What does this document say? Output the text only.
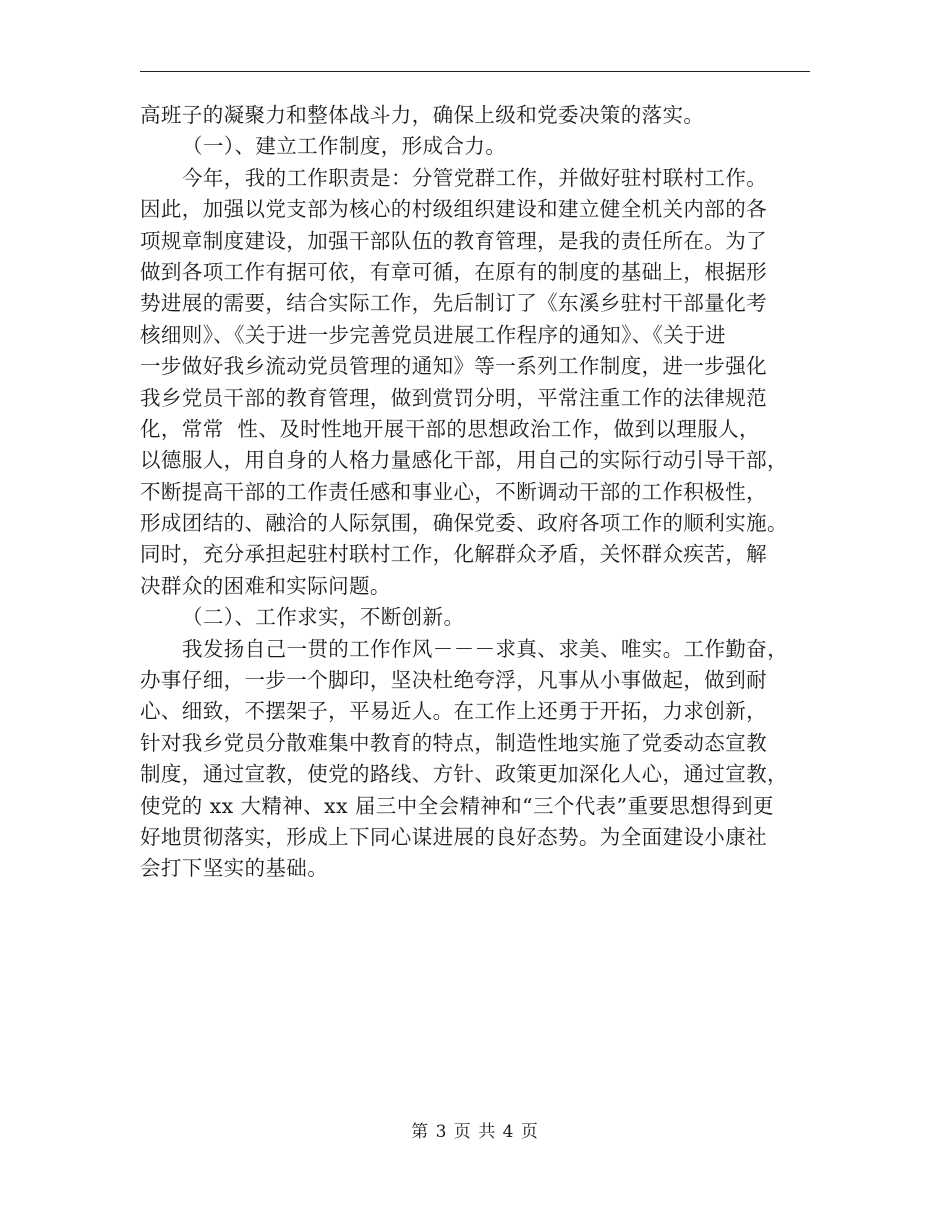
高班子的凝聚力和整体战斗力，确保上级和党委决策的落实。
（一）、建立工作制度，形成合力。
今年，我的工作职责是：分管党群工作，并做好驻村联村工作。
因此，加强以党支部为核心的村级组织建设和建立健全机关内部的各
项规章制度建设，加强干部队伍的教育管理，是我的责任所在。为了
做到各项工作有据可依，有章可循，在原有的制度的基础上，根据形
势进展的需要，结合实际工作，先后制订了《东溪乡驻村干部量化考
核细则》、《关于进一步完善党员进展工作程序的通知》、《关于进
一步做好我乡流动党员管理的通知》等一系列工作制度，进一步强化
我乡党员干部的教育管理，做到赏罚分明，平常注重工作的法律规范
化，常常  性、及时性地开展干部的思想政治工作，做到以理服人，
以德服人，用自身的人格力量感化干部，用自己的实际行动引导干部，
不断提高干部的工作责任感和事业心，不断调动干部的工作积极性，
形成团结的、融洽的人际氛围，确保党委、政府各项工作的顺利实施。
同时，充分承担起驻村联村工作，化解群众矛盾，关怀群众疾苦，解
决群众的困难和实际问题。
（二）、工作求实，不断创新。
我发扬自己一贯的工作作风－－－求真、求美、唯实。工作勤奋，
办事仔细，一步一个脚印，坚决杜绝夸浮，凡事从小事做起，做到耐
心、细致，不摆架子，平易近人。在工作上还勇于开拓，力求创新，
针对我乡党员分散难集中教育的特点，制造性地实施了党委动态宣教
制度，通过宣教，使党的路线、方针、政策更加深化人心，通过宣教，
使党的 xx 大精神、xx 届三中全会精神和“三个代表”重要思想得到更
好地贯彻落实，形成上下同心谋进展的良好态势。为全面建设小康社
会打下坚实的基础。
第 3 页 共 4 页
